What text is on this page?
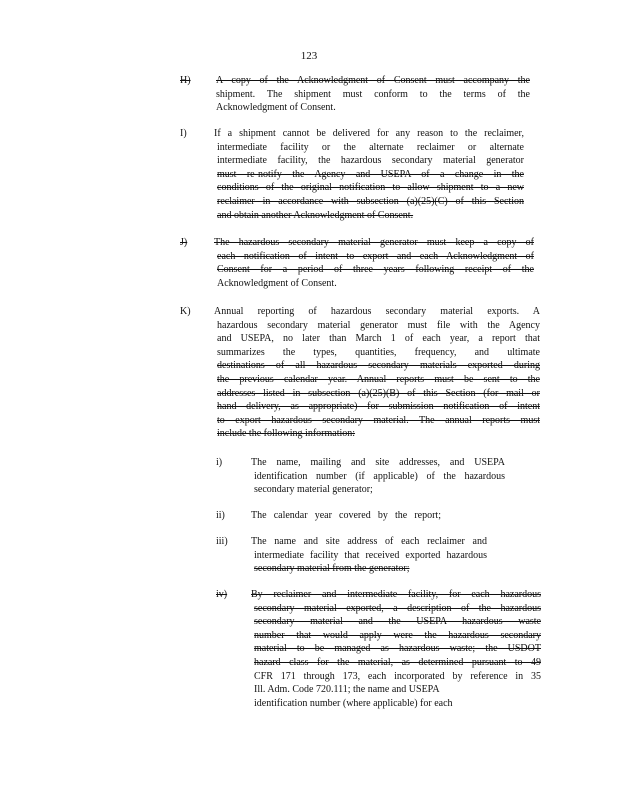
123
H)	A copy of the Acknowledgment of Consent must accompany the
shipment. The shipment must conform to the terms of the
Acknowledgment of Consent.
I)	If a shipment cannot be delivered for any reason to the reclaimer,
intermediate facility or the alternate reclaimer or alternate
intermediate facility, the hazardous secondary material generator
must re-notify the Agency and USEPA of a change in the
conditions of the original notification to allow shipment to a new
reclaimer in accordance with subsection (a)(25)(C) of this Section
and obtain another Acknowledgment of Consent.
J)	The hazardous secondary material generator must keep a copy of
each notification of intent to export and each Acknowledgment of
Consent for a period of three years following receipt of the
Acknowledgment of Consent.
K) Annual reporting of hazardous secondary material exports. A
hazardous secondary material generator must file with the Agency
and USEPA, no later than March 1 of each year, a report that
summarizes the types, quantities, frequency, and ultimate
destinations of all hazardous secondary materials exported during
the previous calendar year. Annual reports must be sent to the
addresses listed in subsection (a)(25)(B) of this Section (for mail or
hand delivery, as appropriate) for submission notification of intent
to export hazardous secondary material. The annual reports must
include the following information:
i)	The name, mailing and site addresses, and USEPA
identification number (if applicable) of the hazardous
secondary material generator;
ii)	The calendar year covered by the report;
iii) The name and site address of each reclaimer and
intermediate facility that received exported hazardous
secondary material from the generator;
iv) By reclaimer and intermediate facility, for each hazardous
secondary material exported, a description of the hazardous
secondary material and the USEPA hazardous waste
number that would apply were the hazardous secondary
material to be managed as hazardous waste; the USDOT
hazard class for the material, as determined pursuant to 49
CFR 171 through 173, each incorporated by reference in 35
Ill. Adm. Code 720.111; the name and USEPA
identification number (where applicable) for each
